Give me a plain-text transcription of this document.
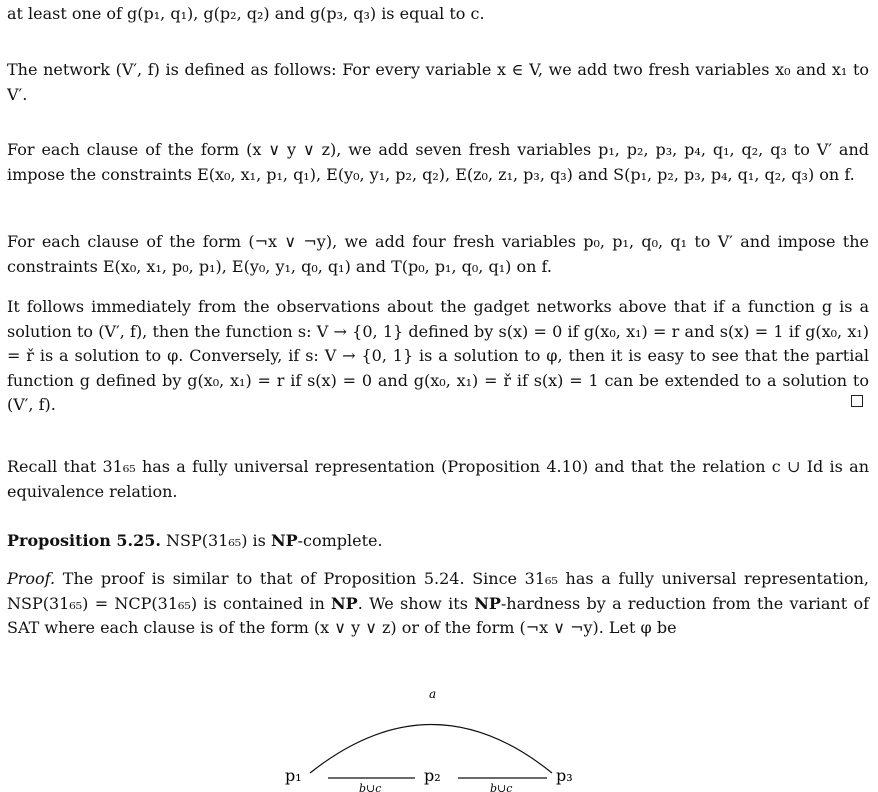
at least one of g(p₁, q₁), g(p₂, q₂) and g(p₃, q₃) is equal to c.

The network (V′, f) is defined as follows: For every variable x ∈ V, we add two fresh variables x₀ and x₁ to V′.

For each clause of the form (x ∨ y ∨ z), we add seven fresh variables p₁, p₂, p₃, p₄, q₁, q₂, q₃ to V′ and impose the constraints E(x₀, x₁, p₁, q₁), E(y₀, y₁, p₂, q₂), E(z₀, z₁, p₃, q₃) and S(p₁, p₂, p₃, p₄, q₁, q₂, q₃) on f.

For each clause of the form (¬x ∨ ¬y), we add four fresh variables p₀, p₁, q₀, q₁ to V′ and impose the constraints E(x₀, x₁, p₀, p₁), E(y₀, y₁, q₀, q₁) and T(p₀, p₁, q₀, q₁) on f.

It follows immediately from the observations about the gadget networks above that if a function g is a solution to (V′, f), then the function s: V → {0, 1} defined by s(x) = 0 if g(x₀, x₁) = r and s(x) = 1 if g(x₀, x₁) = ř is a solution to φ. Conversely, if s: V → {0, 1} is a solution to φ, then it is easy to see that the partial function g defined by g(x₀, x₁) = r if s(x) = 0 and g(x₀, x₁) = ř if s(x) = 1 can be extended to a solution to (V′, f).

Recall that 31₆₅ has a fully universal representation (Proposition 4.10) and that the relation c ∪ Id is an equivalence relation.

Proposition 5.25. NSP(31₆₅) is NP-complete.

Proof. The proof is similar to that of Proposition 5.24. Since 31₆₅ has a fully universal representation, NSP(31₆₅) = NCP(31₆₅) is contained in NP. We show its NP-hardness by a reduction from the variant of SAT where each clause is of the form (x ∨ y ∨ z) or of the form (¬x ∨ ¬y). Let φ be

a
p₁	p₂	p₃
b∪c	b∪c
